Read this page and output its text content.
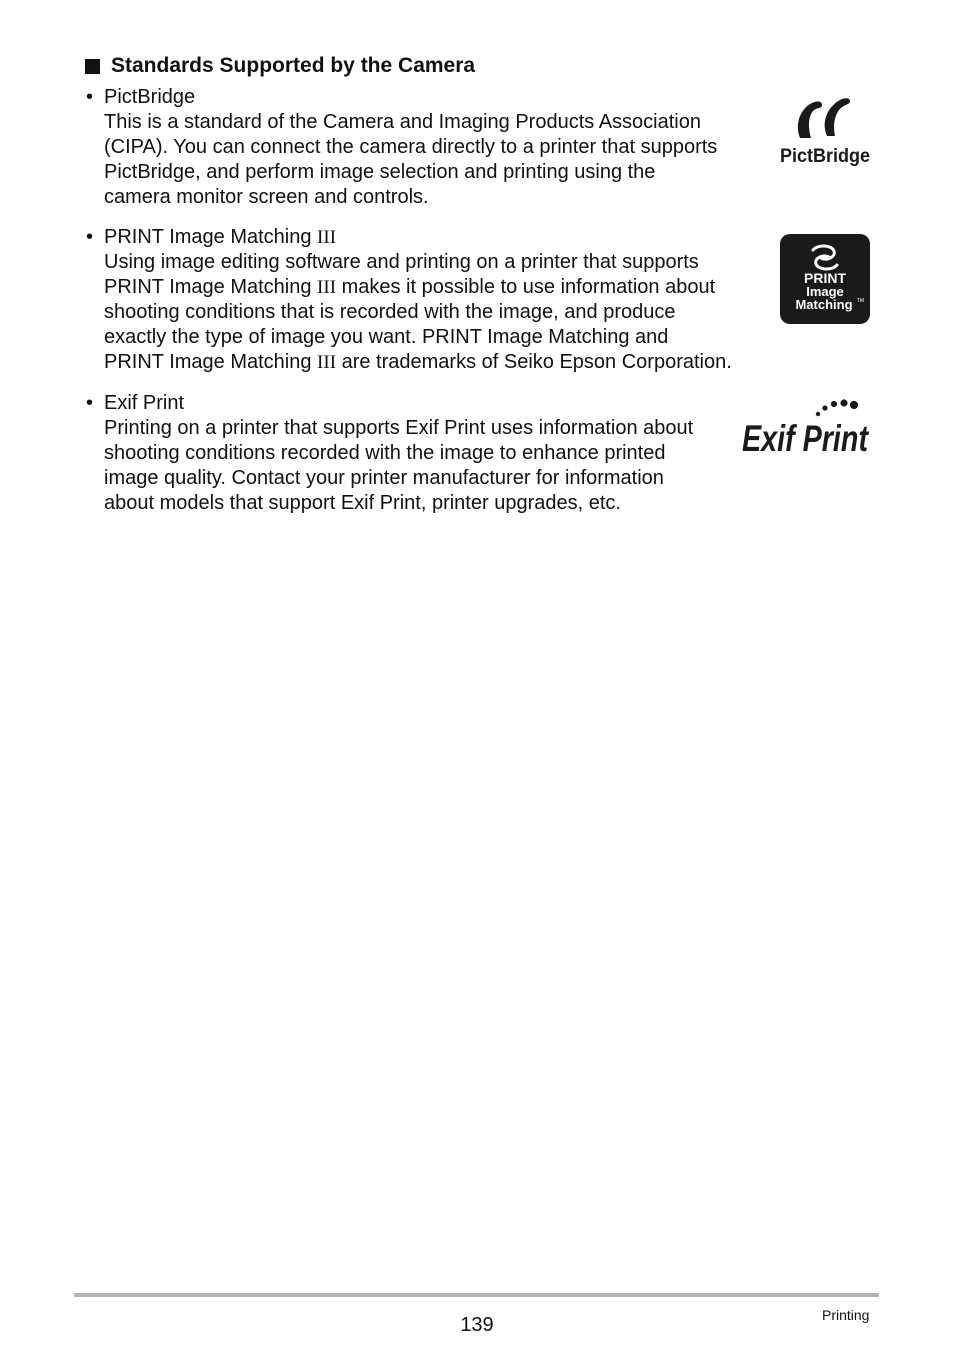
Standards Supported by the Camera
• PictBridge
This is a standard of the Camera and Imaging Products Association
(CIPA). You can connect the camera directly to a printer that supports
PictBridge, and perform image selection and printing using the
camera monitor screen and controls.
• PRINT Image Matching III
Using image editing software and printing on a printer that supports
PRINT Image Matching III makes it possible to use information about
shooting conditions that is recorded with the image, and produce
exactly the type of image you want. PRINT Image Matching and
PRINT Image Matching III are trademarks of Seiko Epson Corporation.
• Exif Print
Printing on a printer that supports Exif Print uses information about
shooting conditions recorded with the image to enhance printed
image quality. Contact your printer manufacturer for information
about models that support Exif Print, printer upgrades, etc.
PictBridge
PRINT
Image
Matching TM
Exif Print
139	Printing
